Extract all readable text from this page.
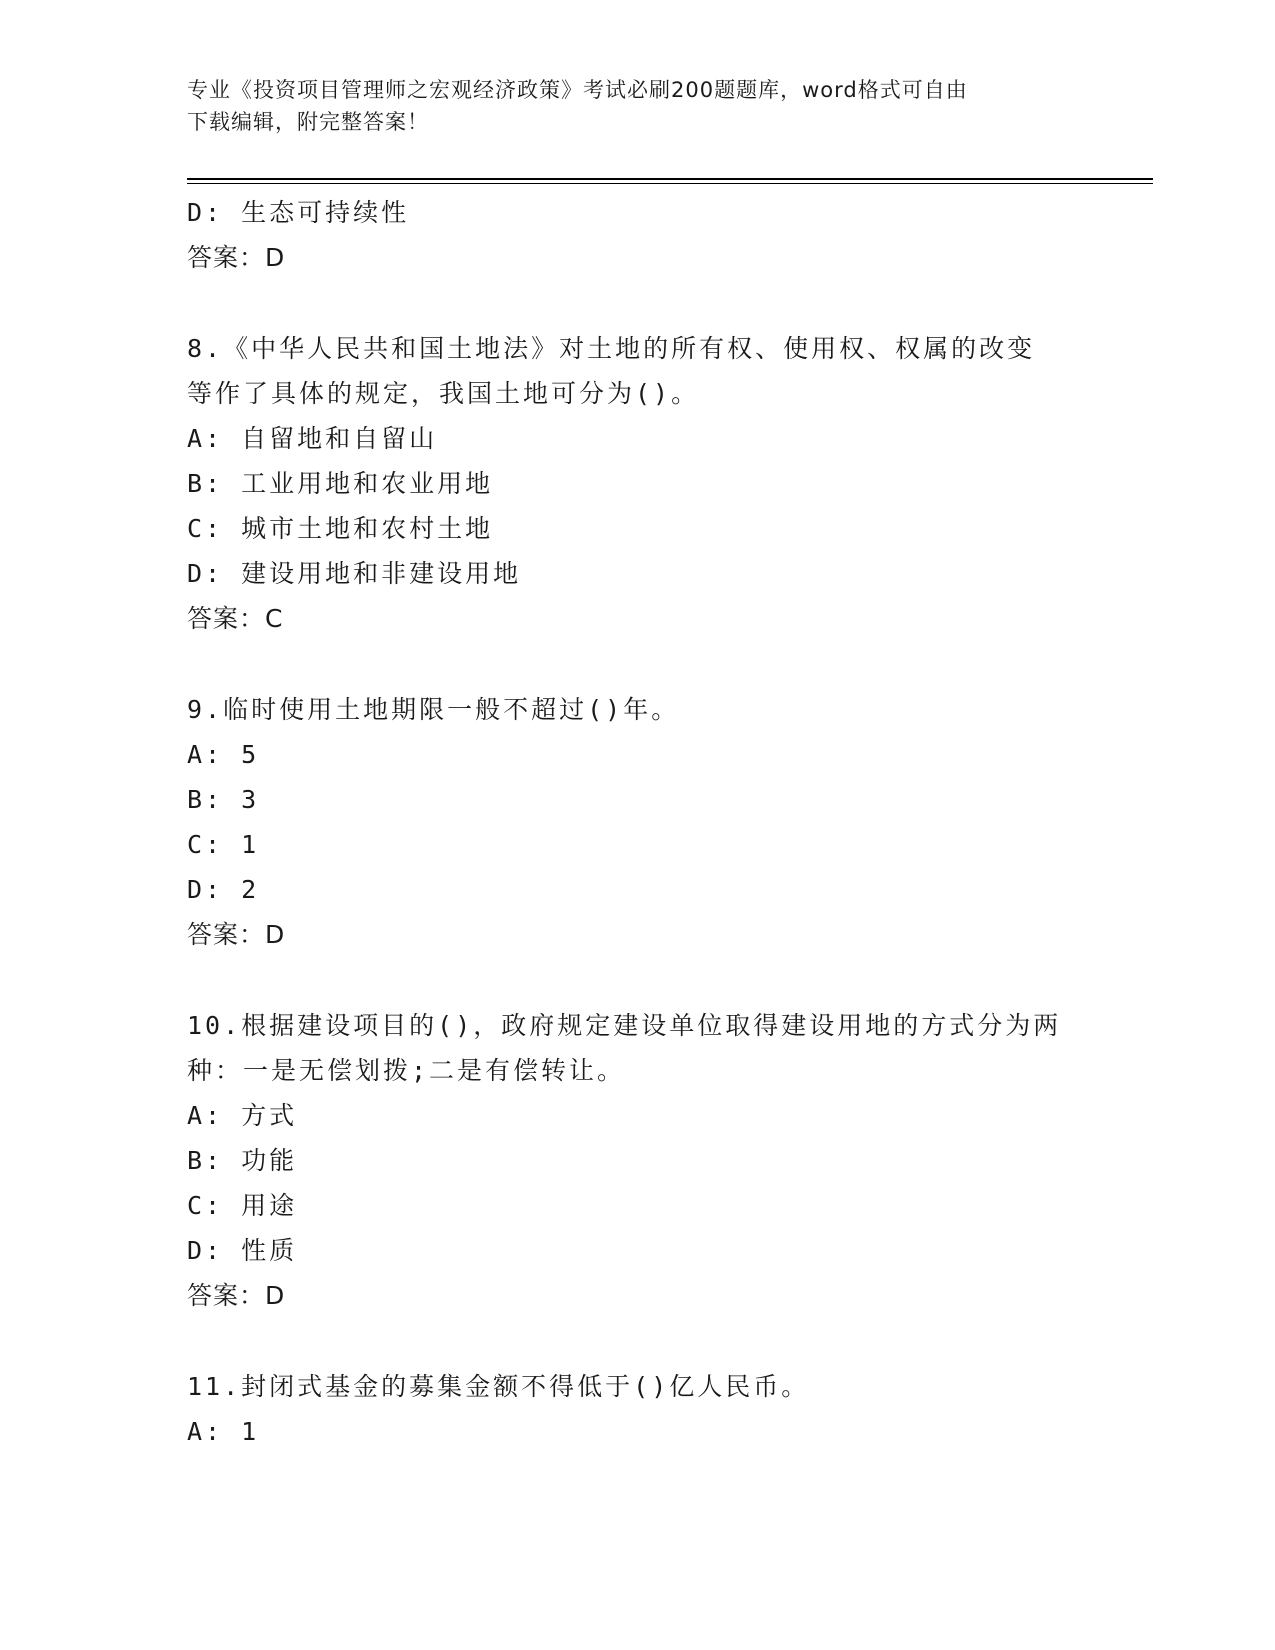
专业《投资项目管理师之宏观经济政策》考试必刷200题题库，word格式可自由
下载编辑，附完整答案！
D: 生态可持续性
答案：D
8.《中华人民共和国土地法》对土地的所有权、使用权、权属的改变
等作了具体的规定，我国土地可分为()。
A: 自留地和自留山
B: 工业用地和农业用地
C: 城市土地和农村土地
D: 建设用地和非建设用地
答案：C
9.临时使用土地期限一般不超过()年。
A: 5
B: 3
C: 1
D: 2
答案：D
10.根据建设项目的()，政府规定建设单位取得建设用地的方式分为两
种：一是无偿划拨;二是有偿转让。
A: 方式
B: 功能
C: 用途
D: 性质
答案：D
11.封闭式基金的募集金额不得低于()亿人民币。
A: 1
